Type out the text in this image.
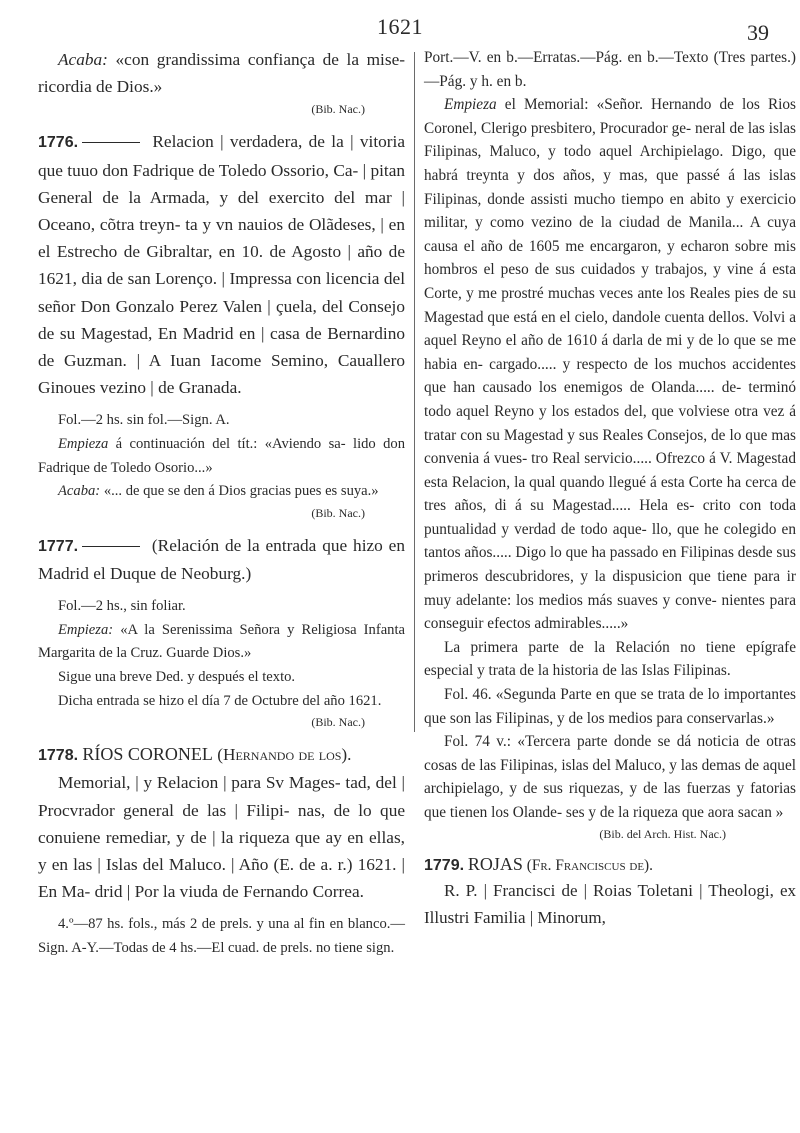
1621	39

Acaba: «con grandissima confiança de la mise- ricordia de Dios.»

(Bib. Nac.)

1776.	Relacion | verdadera, de la | vitoria que tuuo don Fadrique de Toledo Ossorio, Ca- | pitan General de la Armada, y del exercito del mar | Oceano, cõtra treyn- ta y vn nauios de Olãdeses, | en el Estrecho de Gibraltar, en 10. de Agosto | año de 1621, dia de san Lorenço. | Impressa con licencia del señor Don Gonzalo Perez Valen | çuela, del Consejo de su Magestad, En Madrid en | casa de Bernardino de Guzman. | A Iuan Iacome Semino, Cauallero Ginoues vezino | de Granada.

Fol.—2 hs. sin fol.—Sign. A.

Empieza á continuación del tít.: «Aviendo sa- lido don Fadrique de Toledo Osorio...»

Acaba: «... de que se den á Dios gracias pues es suya.»

(Bib. Nac.)

1777.	(Relación de la entrada que hizo en Madrid el Duque de Neoburg.)

Fol.—2 hs., sin foliar.

Empieza: «A la Serenissima Señora y Religiosa Infanta Margarita de la Cruz. Guarde Dios.»

Sigue una breve Ded. y después el texto.

Dicha entrada se hizo el día 7 de Octubre del año 1621.

(Bib. Nac.)

1778. RÍOS CORONEL (Hernando de los).

Memorial, | y Relacion | para Sv Mages- tad, del | Procvrador general de las | Filipi- nas, de lo que conuiene remediar, y de | la riqueza que ay en ellas, y en las | Islas del Maluco. | Año (E. de a. r.) 1621. | En Ma- drid | Por la viuda de Fernando Correa.

4.º—87 hs. fols., más 2 de prels. y una al fin en blanco.—Sign. A-Y.—Todas de 4 hs.—El cuad. de prels. no tiene sign.

Port.—V. en b.—Erratas.—Pág. en b.—Texto (Tres partes.)—Pág. y h. en b.

Empieza el Memorial: «Señor. Hernando de los Rios Coronel, Clerigo presbitero, Procurador ge- neral de las islas Filipinas, Maluco, y todo aquel Archipielago. Digo, que habrá treynta y dos años, y mas, que passé á las islas Filipinas, donde assisti mucho tiempo en abito y exercicio militar, y como vezino de la ciudad de Manila... A cuya causa el año de 1605 me encargaron, y echaron sobre mis hombros el peso de sus cuidados y trabajos, y vine á esta Corte, y me prostré muchas veces ante los Reales pies de su Magestad que está en el cielo, dandole cuenta dellos. Volvi a aquel Reyno el año de 1610 á darla de mi y de lo que se me habia en- cargado..... y respecto de los muchos accidentes que han causado los enemigos de Olanda..... de- terminó todo aquel Reyno y los estados del, que volviese otra vez á tratar con su Magestad y sus Reales Consejos, de lo que mas convenia á vues- tro Real servicio..... Ofrezco á V. Magestad esta Relacion, la qual quando llegué á esta Corte ha cerca de tres años, di á su Magestad..... Hela es- crito con toda puntualidad y verdad de todo aque- llo, que he colegido en tantos años..... Digo lo que ha passado en Filipinas desde sus primeros descubridores, y la dispusicion que tiene para ir muy adelante: los medios más suaves y conve- nientes para conseguir efectos admirables.....»

La primera parte de la Relación no tiene epígrafe especial y trata de la historia de las Islas Filipinas.

Fol. 46. «Segunda Parte en que se trata de lo importantes que son las Filipinas, y de los medios para conservarlas.»

Fol. 74 v.: «Tercera parte donde se dá noticia de otras cosas de las Filipinas, islas del Maluco, y las demas de aquel archipielago, y de sus riquezas, y de las fuerzas y fatorias que tienen los Olande- ses y de la riqueza que aora sacan »

(Bib. del Arch. Hist. Nac.)

1779. ROJAS (Fr. Franciscus de).

R. P. | Francisci de | Roias Toletani | Theologi, ex Illustri Familia | Minorum,
